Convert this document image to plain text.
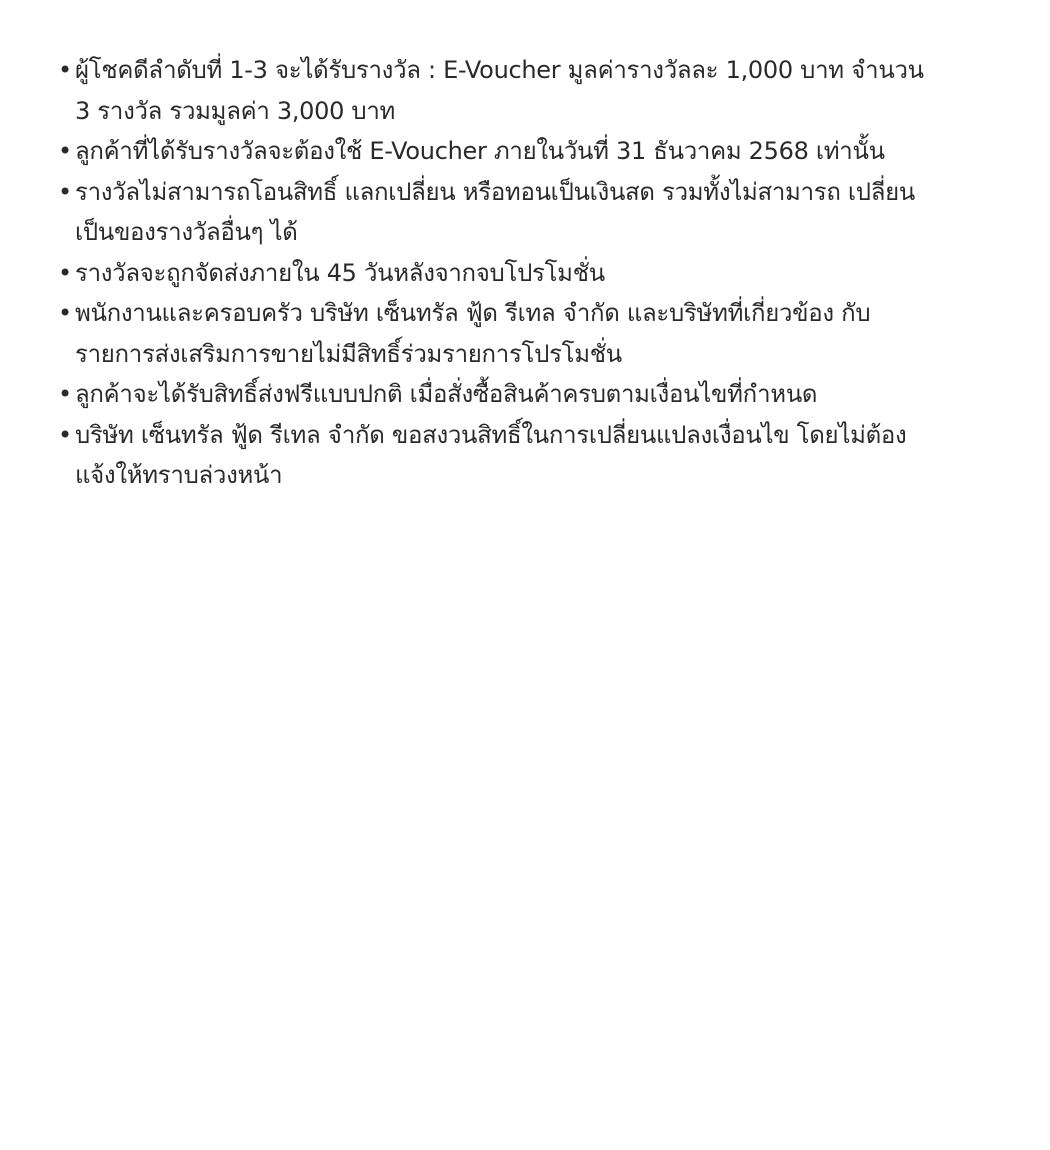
• ผู้โชคดีลำดับที่ 1-3 จะได้รับรางวัล : E-Voucher มูลค่ารางวัลละ 1,000 บาท จำนวน 3 รางวัล รวมมูลค่า 3,000 บาท
• ลูกค้าที่ได้รับรางวัลจะต้องใช้ E-Voucher ภายในวันที่ 31 ธันวาคม 2568 เท่านั้น
• รางวัลไม่สามารถโอนสิทธิ์ แลกเปลี่ยน หรือทอนเป็นเงินสด รวมทั้งไม่สามารถ เปลี่ยนเป็นของรางวัลอื่นๆ ได้
• รางวัลจะถูกจัดส่งภายใน 45 วันหลังจากจบโปรโมชั่น
• พนักงานและครอบครัว บริษัท เซ็นทรัล ฟู้ด รีเทล จำกัด และบริษัทที่เกี่ยวข้อง กับรายการส่งเสริมการขายไม่มีสิทธิ์ร่วมรายการโปรโมชั่น
• ลูกค้าจะได้รับสิทธิ์ส่งฟรีแบบปกติ เมื่อสั่งซื้อสินค้าครบตามเงื่อนไขที่กำหนด
• บริษัท เซ็นทรัล ฟู้ด รีเทล จำกัด ขอสงวนสิทธิ์ในการเปลี่ยนแปลงเงื่อนไข โดยไม่ต้องแจ้งให้ทราบล่วงหน้า
